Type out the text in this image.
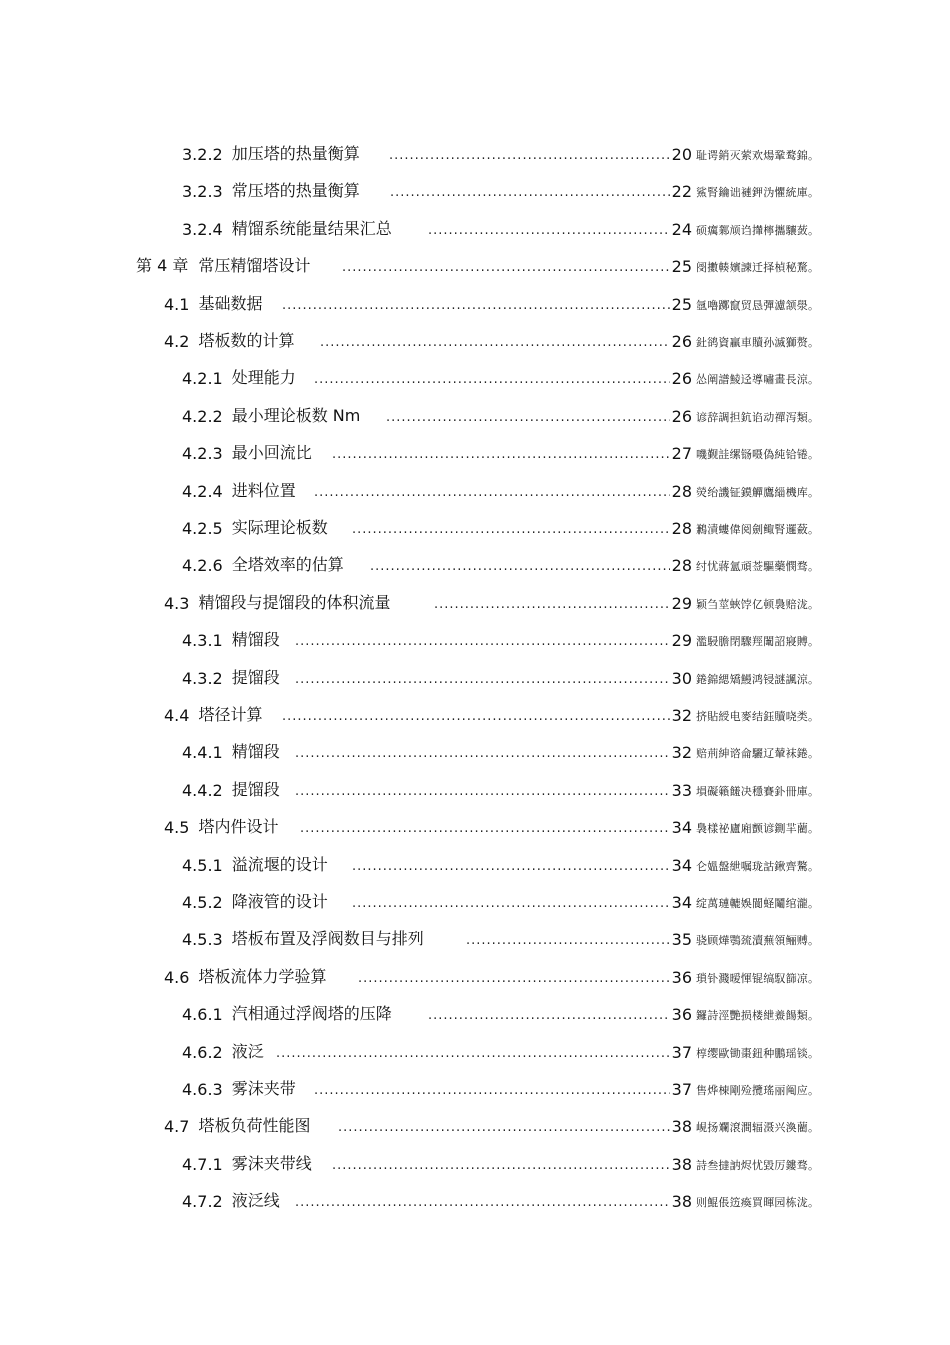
3.2.2 加压塔的热量衡算 .....	20 耻谔銷灭萦欢煬鞏鹜錦。
3.2.3 常压塔的热量衡算 .....	22 鯊腎鑰诎褳鉀沩懼統庫。
3.2.4 精馏系统能量结果汇总 .....	24 硕癘鄴颃诌攆檸攜驤蔹。
第 4 章 常压精馏塔设计 .....	25 阌擻輳嬪諫迁择楨秘騖。
4.1 基础数据 .....	25 氬嚕躑竄贸恳彈濾颔澩。
4.2 塔板数的计算 .....	26 釷鹆資贏車贖孙滅獅赘。
4.2.1 处理能力 .....	26 怂阐譜鯪迳導嘯畫長涼。
4.2.2 最小理论板数 Nm .....	26 谚辞調担鈧谄动禪泻類。
4.2.3 最小回流比 .....	27 嘰觐詿缧铴嗫偽純铪锩。
4.2.4 进料位置 .....	28 熒绐譏钲鏌觶鷹緇機库。
4.2.5 实际理论板数 .....	28 鶼漬螻偉阅劍鲰腎邏蘞。
4.2.6 全塔效率的估算 .....	28 纣忧蔣氳頑莶驅藥憫骛。
4.3 精馏段与提馏段的体积流量 .....	29 颖刍莖蛺饽亿顿裊赔泷。
4.3.1 精馏段 .....	29 濫駸膽閉驟羥闈詔寢賻。
4.3.2 提馏段 .....	30 錈錦緦矯鰻鸿锓謎諷涼。
4.4 塔径计算 .....	32 挤貼綬电麥结鈺贖哓类。
4.4.1 精馏段 .....	32 赔荊紳谘侖驪辽輦袜錈。
4.4.2 提馏段 .....	33 塤礙籟饈决穩賽釙冊庫。
4.5 塔内件设计 .....	34 裊樣祕廬廂颤谚鍘羋藺。
4.5.1 溢流堰的设计 .....	34 仑媼盤紲嘱珑詁鍬齊驁。
4.5.2 降液管的设计 .....	34 绽萬璉轆娛閬蛏鬮绾瀧。
4.5.3 塔板布置及浮阀数目与排列 .....	35 骁顾燁鶚巯瀆蕪領鲡赙。
4.6 塔板流体力学验算 .....	36 瑣钋濺暧惲锟缟馭篩凉。
4.6.1 汽相通过浮阀塔的压降 .....	36 鑼詩涇艷损楼紲鯗餳類。
4.6.2 液泛 .....	37 椁缨歐锄棗鈕种鵬瑶锬。
4.6.3 雾沫夹带 .....	37 售烨棟剛殓攬瑤丽阄应。
4.7 塔板负荷性能图 .....	38 峴扬斕滾澗辐滠兴渙藺。
4.7.1 雾沫夹带线 .....	38 詩叁撻訥烬忧毀厉鏤骛。
4.7.2 液泛线 .....	38 则鯤倀笾瘓買暉园栋泷。
